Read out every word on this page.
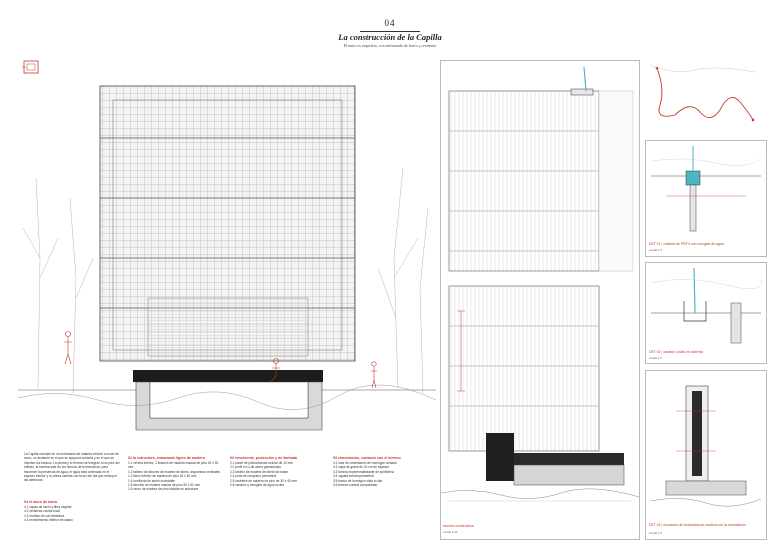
04
La construcción de la Capilla
El muro es esqueleto, con entramado de barro y cerámica
DET 01 | cubierta de PRFV con recogida de agua
escala 1:5
DET 02 | canalón oculto en cubierta
escala 1:5
DET 03 | encuentro de la fachada de madera con la cimentación
escala 1:5
sección constructiva
escala 1:20
La Capilla consiste en un entramado de madera vertical a modo de muro, un andamio en el que se apoya la cubierta y en el que se insertan los bancos. La piedra y el terreno se integran a los pies del edificio, la sombra sale de los huecos de la estructura, para favorecer la presencia de agua, el agua está ordenada en el espacio interior y su altura cambia con la luz del día que entra por las aberturas.
04 el muro de barro
4.1 capas de barro y fibra vegetal
4.2 cerámica cocida local
4.3 mortero de cal hidráulica
4.4 revestimiento interior encalado
01 la estructura, entramado ligero de madera
1.1 cercha inferior, 2 listones de madera maciza de pino 52 x 52 mm
1.2 tablero de listones de madera de abeto, dispuestos verticales
1.3 listón inferior de madera de pino 52 x 52 mm
1.4 tornillería de acero inoxidable
1.5 sección de madera maciza de pino 52 x 52 mm
1.6 cerco de madera de pino tratada en autoclave
02 envolvente, protección y de fachada
2.1 panel de policarbonato celular de 10 mm
2.2 perfil en U de acero galvanizado
2.3 tablero de madera de abeto sin tratar
2.4 junta de neopreno perimetral
2.5 rastreles de madera de pino de 30 x 40 mm
2.6 canalón y recogida de agua oculta
03 cimentación, contacto con el terreno
3.1 losa de cimentación de hormigón armado
3.2 capa de grava de 20 cm de espesor
3.3 lámina impermeabilizante de polietileno
3.4 zapata corrida perimetral
3.5 banco de hormigón visto in situ
3.6 terreno natural compactado
